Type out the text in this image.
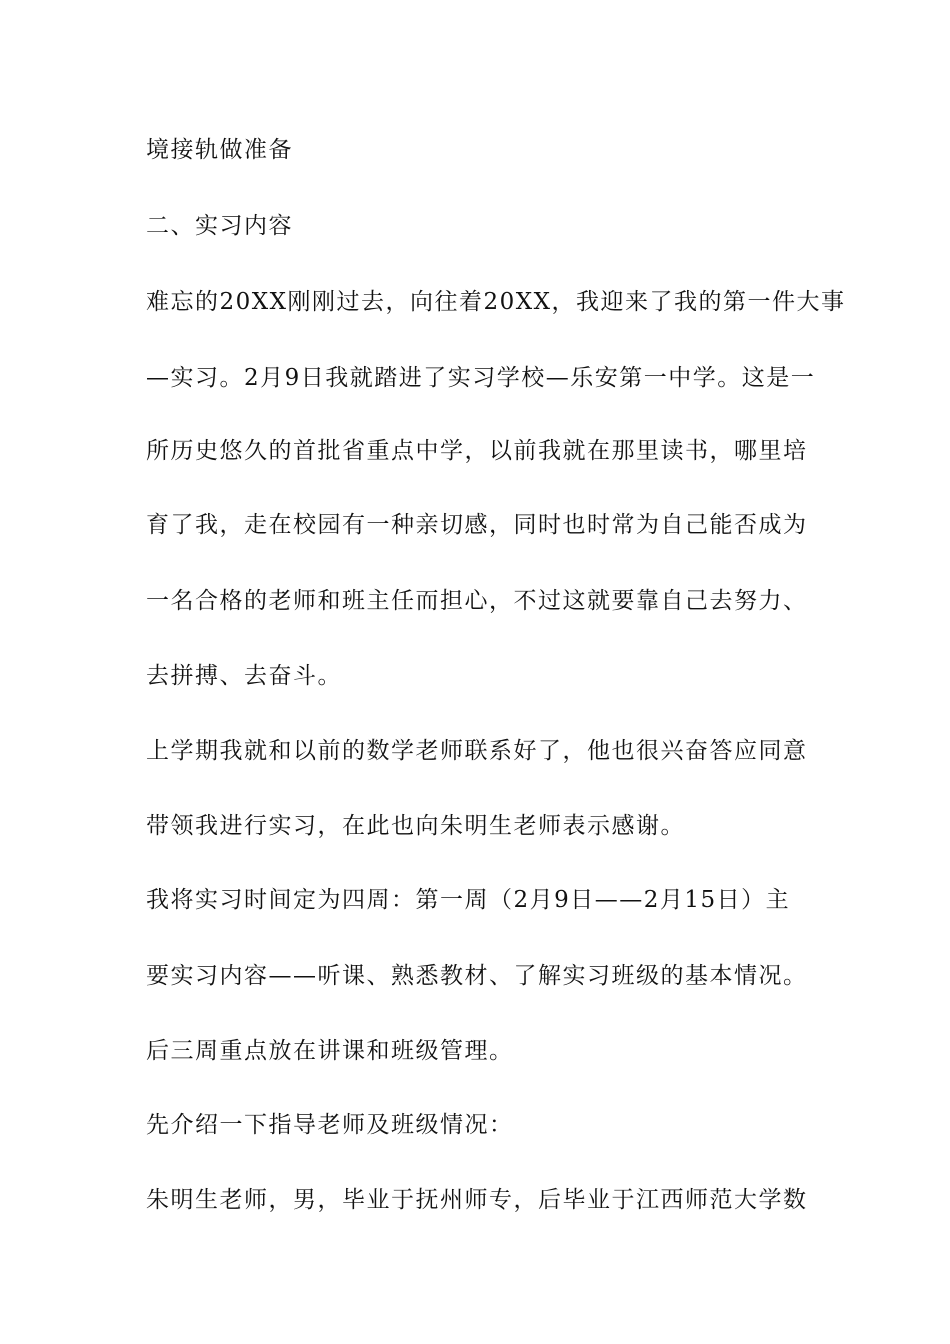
境接轨做准备
二、实习内容
难忘的20XX刚刚过去，向往着20XX，我迎来了我的第一件大事
—实习。2月9日我就踏进了实习学校—乐安第一中学。这是一
所历史悠久的首批省重点中学，以前我就在那里读书，哪里培
育了我，走在校园有一种亲切感，同时也时常为自己能否成为
一名合格的老师和班主任而担心，不过这就要靠自己去努力、
去拼搏、去奋斗。
上学期我就和以前的数学老师联系好了，他也很兴奋答应同意
带领我进行实习，在此也向朱明生老师表示感谢。
我将实习时间定为四周：第一周（2月9日——2月15日）主
要实习内容——听课、熟悉教材、了解实习班级的基本情况。
后三周重点放在讲课和班级管理。
先介绍一下指导老师及班级情况：
朱明生老师，男，毕业于抚州师专，后毕业于江西师范大学数
